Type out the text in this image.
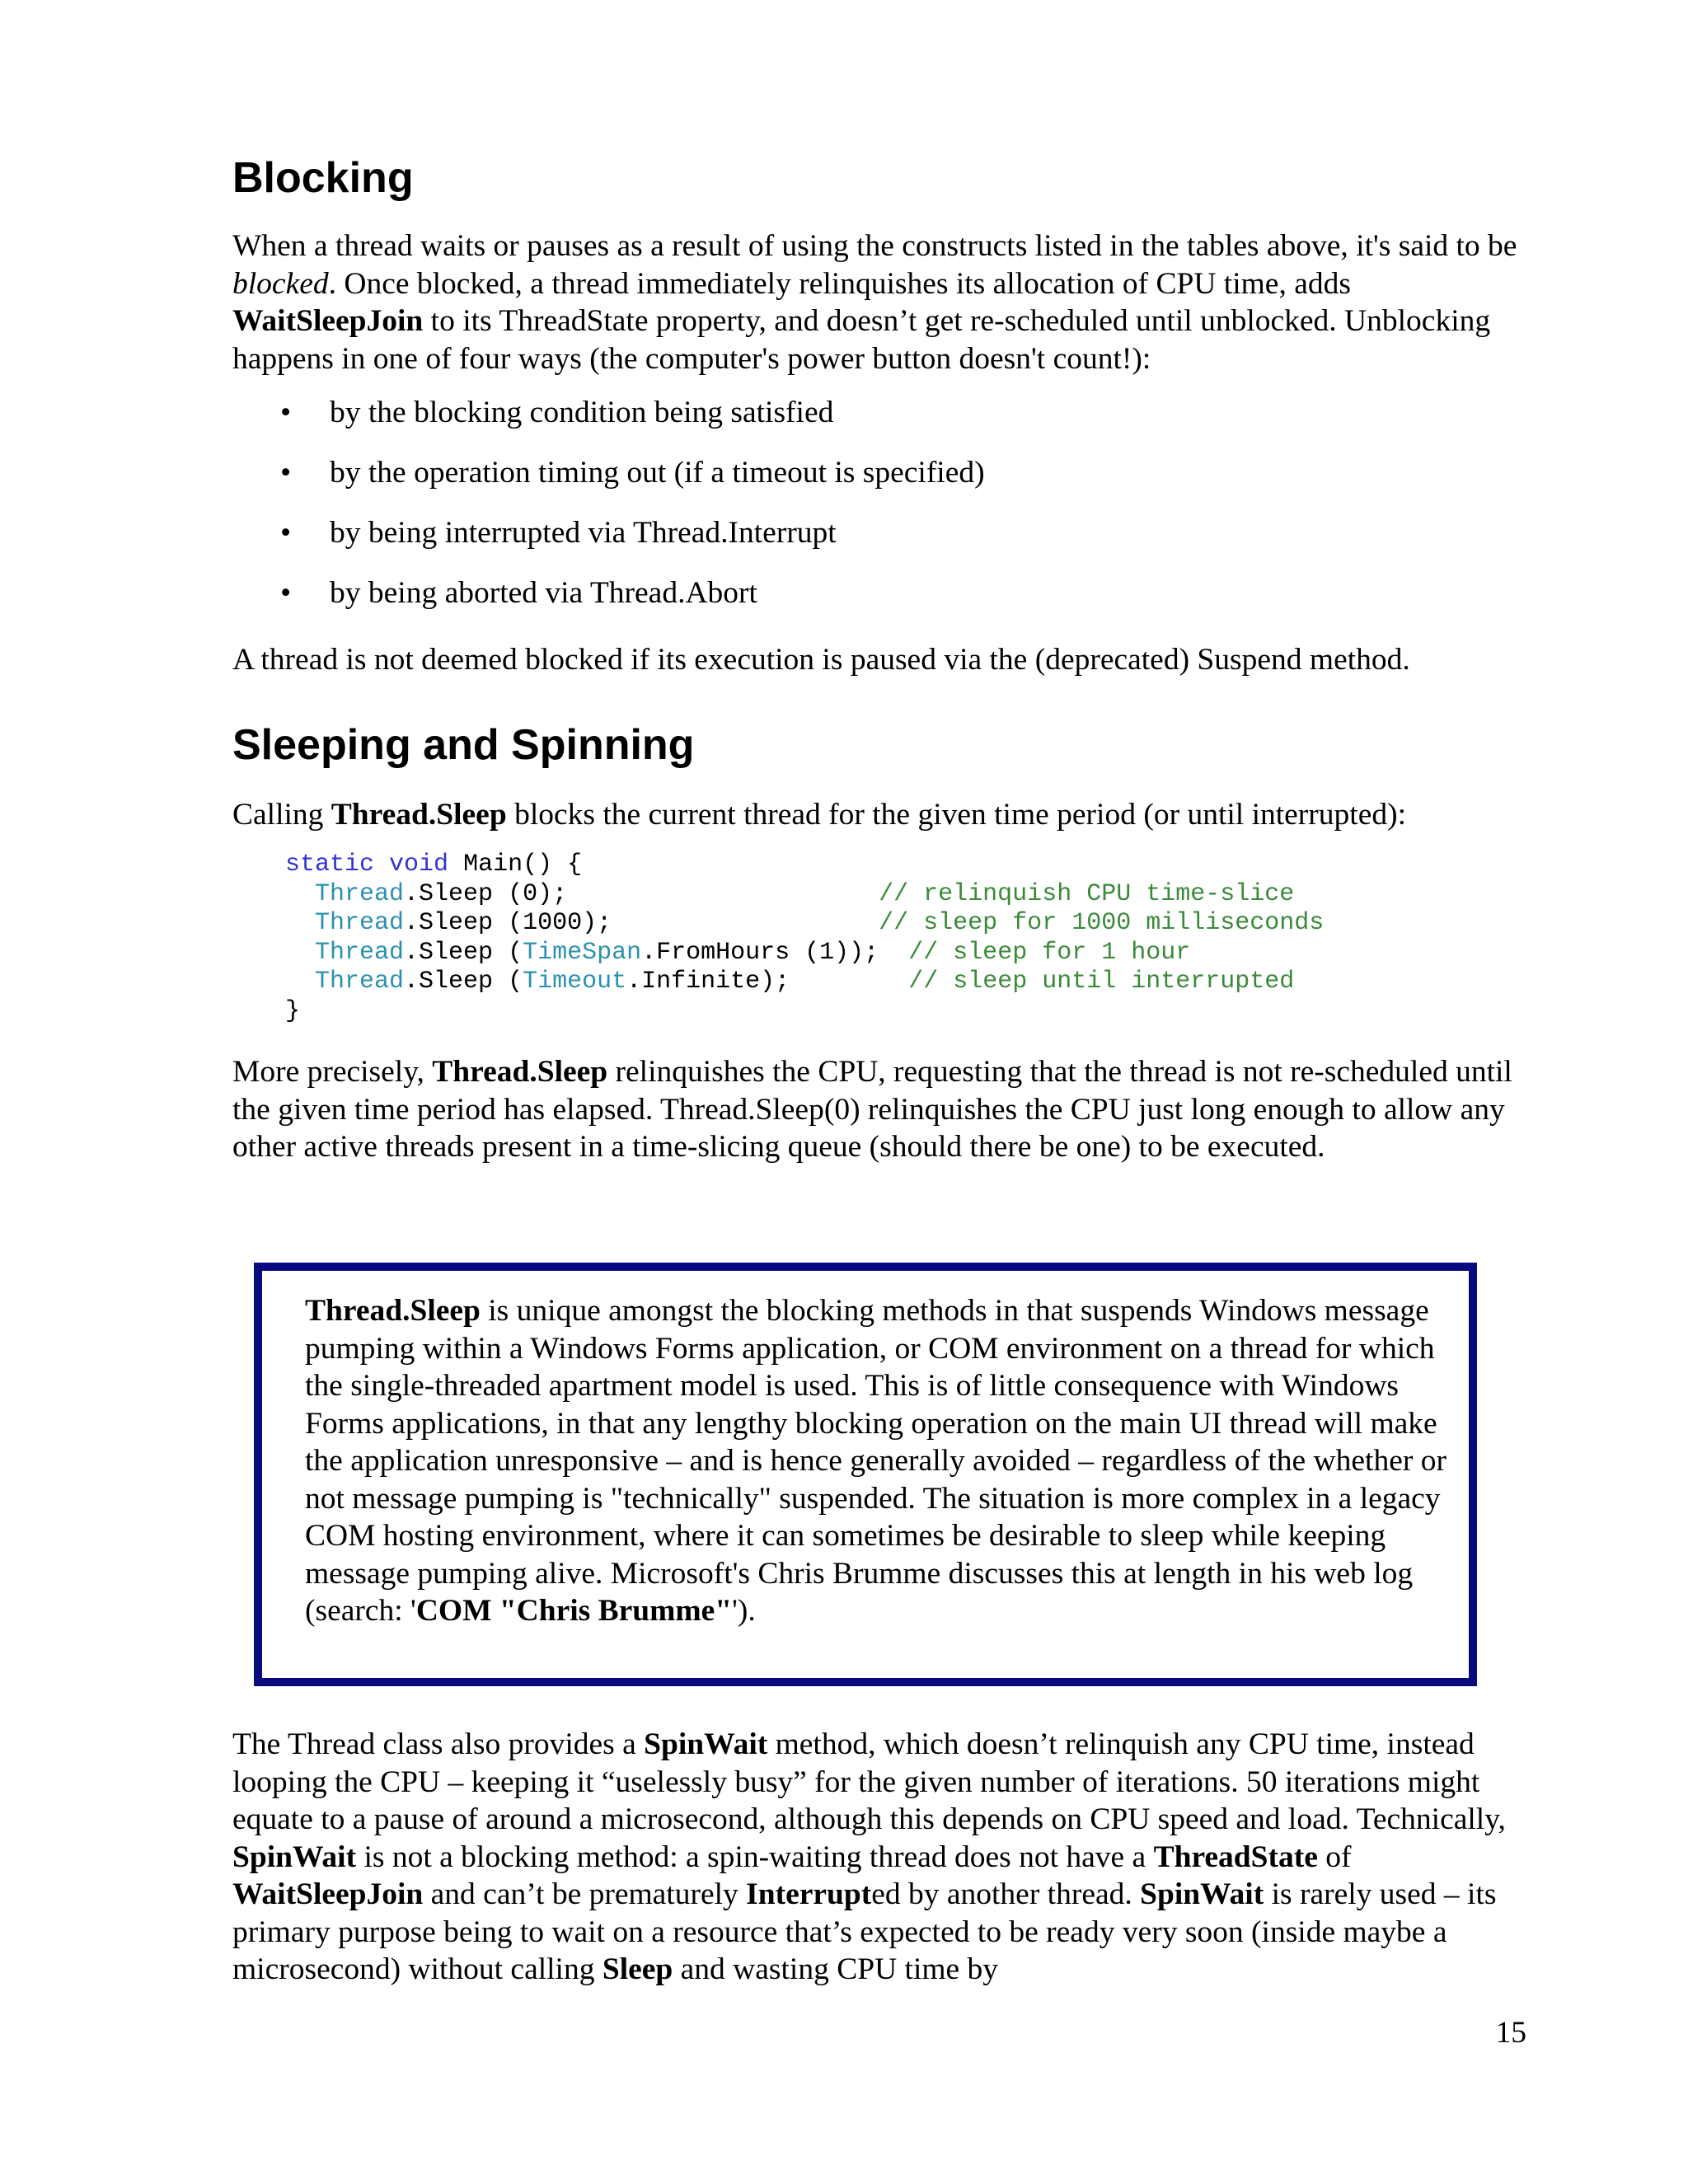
Blocking

When a thread waits or pauses as a result of using the constructs listed in the tables above, it's said to be blocked. Once blocked, a thread immediately relinquishes its allocation of CPU time, adds WaitSleepJoin to its ThreadState property, and doesn’t get re-scheduled until unblocked. Unblocking happens in one of four ways (the computer's power button doesn't count!):

• by the blocking condition being satisfied
• by the operation timing out (if a timeout is specified)
• by being interrupted via Thread.Interrupt
• by being aborted via Thread.Abort

A thread is not deemed blocked if its execution is paused via the (deprecated) Suspend method.

Sleeping and Spinning

Calling Thread.Sleep blocks the current thread for the given time period (or until interrupted):

static void Main() {
Thread.Sleep (0);	// relinquish CPU time-slice
Thread.Sleep (1000);	// sleep for 1000 milliseconds
Thread.Sleep (TimeSpan.FromHours (1)); // sleep for 1 hour
Thread.Sleep (Timeout.Infinite);	// sleep until interrupted
}

More precisely, Thread.Sleep relinquishes the CPU, requesting that the thread is not re-scheduled until the given time period has elapsed. Thread.Sleep(0) relinquishes the CPU just long enough to allow any other active threads present in a time-slicing queue (should there be one) to be executed.

Thread.Sleep is unique amongst the blocking methods in that suspends Windows message pumping within a Windows Forms application, or COM environment on a thread for which the single-threaded apartment model is used. This is of little consequence with Windows Forms applications, in that any lengthy blocking operation on the main UI thread will make the application unresponsive – and is hence generally avoided – regardless of the whether or not message pumping is "technically" suspended. The situation is more complex in a legacy COM hosting environment, where it can sometimes be desirable to sleep while keeping message pumping alive. Microsoft's Chris Brumme discusses this at length in his web log (search: 'COM "Chris Brumme"').

The Thread class also provides a SpinWait method, which doesn’t relinquish any CPU time, instead looping the CPU – keeping it “uselessly busy” for the given number of iterations. 50 iterations might equate to a pause of around a microsecond, although this depends on CPU speed and load. Technically, SpinWait is not a blocking method: a spin-waiting thread does not have a ThreadState of WaitSleepJoin and can’t be prematurely Interrupted by another thread. SpinWait is rarely used – its primary purpose being to wait on a resource that’s expected to be ready very soon (inside maybe a microsecond) without calling Sleep and wasting CPU time by

15
